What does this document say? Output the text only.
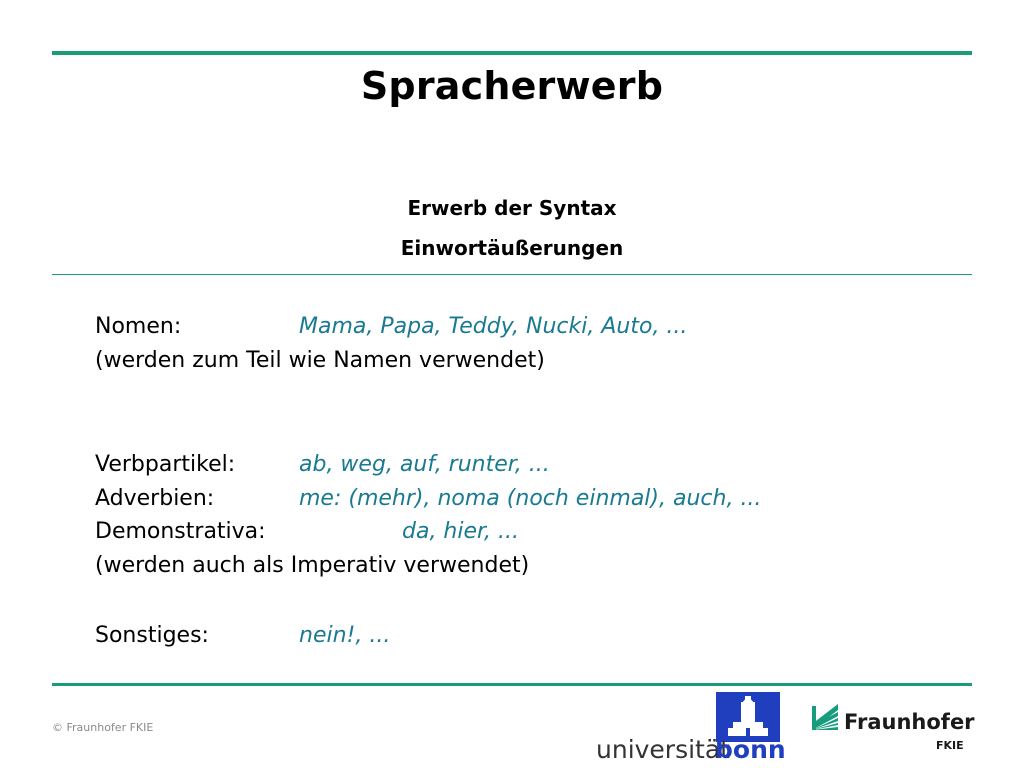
Spracherwerb
Erwerb der Syntax
Einwortäußerungen
Nomen:	Mama, Papa, Teddy, Nucki, Auto, ...
(werden zum Teil wie Namen verwendet)
Verbpartikel:	ab, weg, auf, runter, ...
Adverbien:	me: (mehr), noma (noch einmal), auch, ...
Demonstrativa:	da, hier, ...
(werden auch als Imperativ verwendet)
Sonstiges:	nein!, ...
© Fraunhofer FKIE
universität
bonn
Fraunhofer
FKIE
